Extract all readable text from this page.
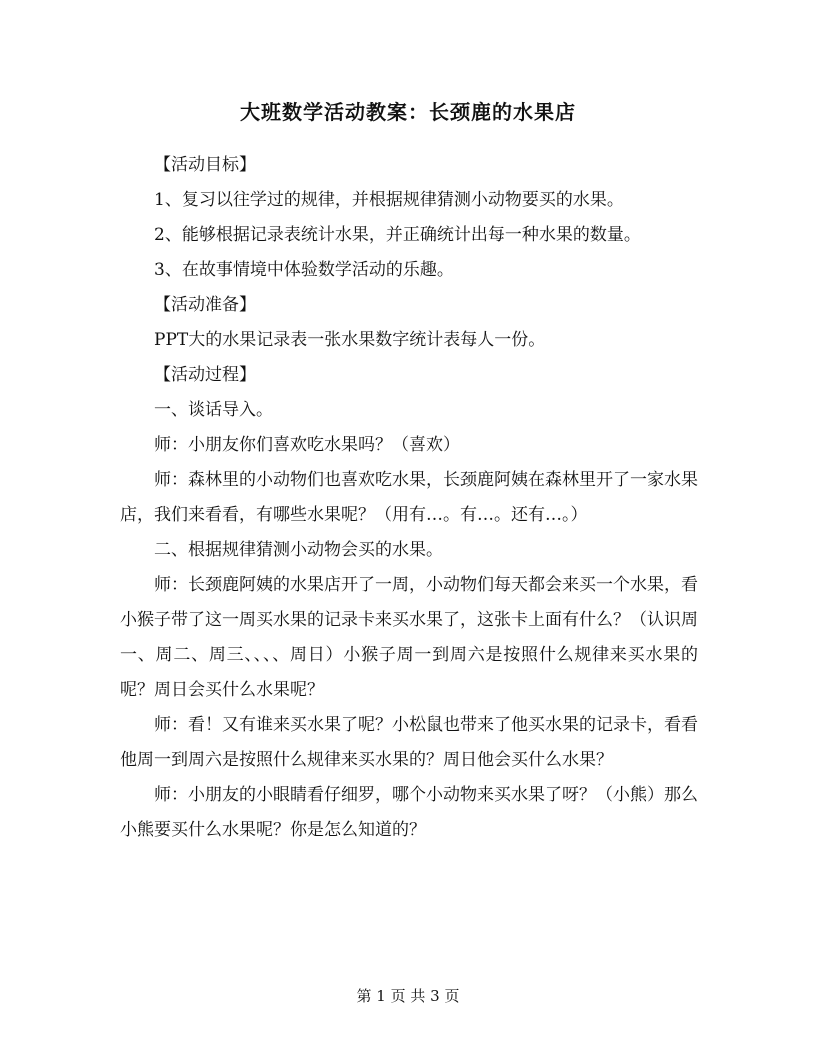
大班数学活动教案：长颈鹿的水果店

【活动目标】

1、复习以往学过的规律，并根据规律猜测小动物要买的水果。

2、能够根据记录表统计水果，并正确统计出每一种水果的数量。

3、在故事情境中体验数学活动的乐趣。

【活动准备】

PPT大的水果记录表一张水果数字统计表每人一份。

【活动过程】

一、谈话导入。

师：小朋友你们喜欢吃水果吗？（喜欢）

师：森林里的小动物们也喜欢吃水果，长颈鹿阿姨在森林里开了一家水果店，我们来看看，有哪些水果呢？（用有…。有…。还有…。）

二、根据规律猜测小动物会买的水果。

师：长颈鹿阿姨的水果店开了一周，小动物们每天都会来买一个水果，看小猴子带了这一周买水果的记录卡来买水果了，这张卡上面有什么？（认识周一、周二、周三、、、、周日）小猴子周一到周六是按照什么规律来买水果的呢？周日会买什么水果呢？

师：看！又有谁来买水果了呢？小松鼠也带来了他买水果的记录卡，看看他周一到周六是按照什么规律来买水果的？周日他会买什么水果？

师：小朋友的小眼睛看仔细罗，哪个小动物来买水果了呀？（小熊）那么小熊要买什么水果呢？你是怎么知道的？

第 1 页 共 3 页
